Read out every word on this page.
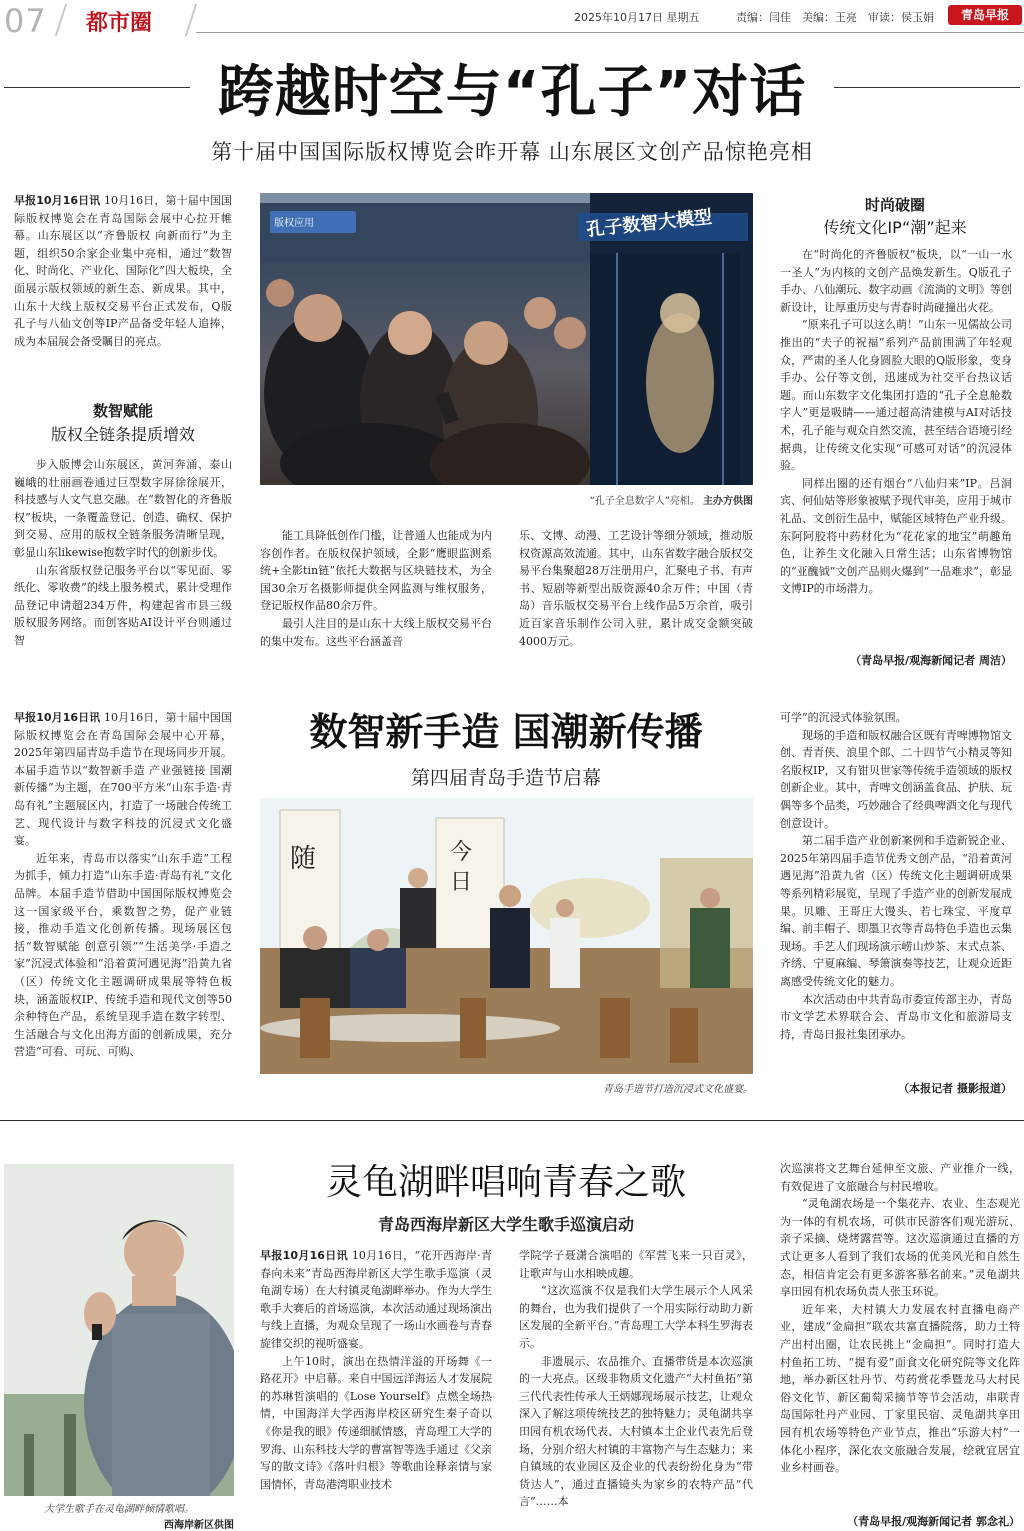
07 都市圈	2025年10月17日 星期五	责编：闫佳 美编：王亮 审读：侯玉娟	青岛早报
跨越时空与“孔子”对话
第十届中国国际版权博览会昨开幕 山东展区文创产品惊艳亮相

早报10月16日讯 10月16日，第十届中国国际版权博览会在青岛国际会展中心拉开帷幕。山东展区以“齐鲁版权 向新而行”为主题，组织50余家企业集中亮相，通过“数智化、时尚化、产业化、国际化”四大板块，全面展示版权领域的新生态、新成果。其中，山东十大线上版权交易平台正式发布，Q版孔子与八仙文创等IP产品备受年轻人追捧，成为本届展会备受瞩目的亮点。

数智赋能
版权全链条提质增效

步入版博会山东展区，黄河奔涌、泰山巍峨的壮丽画卷通过巨型数字屏徐徐展开，科技感与人文气息交融。在“数智化的齐鲁版权”板块，一条覆盖登记、创造、确权、保护到交易、应用的版权全链条服务清晰呈现，彰显山东likewise抱数字时代的创新步伐。

山东省版权登记服务平台以“零见面、零纸化、零收费”的线上服务模式，累计受理作品登记申请超234万件，构建起省市县三级版权服务网络。而创客贴AI设计平台则通过智

孔子数智大模型
版权应用
“孔子全息数字人”亮相。 主办方供图

能工具降低创作门槛，让普通人也能成为内容创作者。在版权保护领域，全影“鹰眼监测系统+全影tin链”依托大数据与区块链技术，为全国30余万名摄影师提供全网监测与维权服务，登记版权作品80余万件。

最引人注目的是山东十大线上版权交易平台的集中发布。这些平台涵盖音

乐、文博、动漫、工艺设计等细分领域，推动版权资源高效流通。其中，山东省数字融合版权交易平台集聚超28万注册用户，汇聚电子书、有声书、短剧等新型出版资源40余万件；中国（青岛）音乐版权交易平台上线作品5万余首，吸引近百家音乐制作公司入驻，累计成交金额突破4000万元。

时尚破圈
传统文化IP“潮”起来

在“时尚化的齐鲁版权”板块，以“一山一水一圣人”为内核的文创产品焕发新生。Q版孔子手办、八仙潮玩、数字动画《流淌的文明》等创新设计，让厚重历史与青春时尚碰撞出火花。

“原来孔子可以这么萌！”山东一见儒故公司推出的“夫子的祝福”系列产品前围满了年轻观众，严肃的圣人化身圆脸大眼的Q版形象，变身手办、公仔等文创，迅速成为社交平台热议话题。而山东数字文化集团打造的“孔子全息舱数字人”更是吸睛——通过超高清建模与AI对话技术，孔子能与观众自然交流，甚至结合语境引经据典，让传统文化实现“可感可对话”的沉浸体验。

同样出圈的还有烟台“八仙归来”IP。吕洞宾、何仙姑等形象被赋予现代审美，应用于城市礼品、文创衍生品中，赋能区域特色产业升级。东阿阿胶将中药材化为“花花家的地宝”萌趣角色，让养生文化融入日常生活；山东省博物馆的“亚醜钺”文创产品则火爆到“一品难求”，彰显文博IP的市场潜力。

（青岛早报/观海新闻记者 周洁）

早报10月16日讯 10月16日，第十届中国国际版权博览会在青岛国际会展中心开幕，2025年第四届青岛手造节在现场同步开展。本届手造节以“数智新手造 产业强链接 国潮新传播”为主题，在700平方米“山东手造·青岛有礼”主题展区内，打造了一场融合传统工艺、现代设计与数字科技的沉浸式文化盛宴。

近年来，青岛市以落实“山东手造”工程为抓手，倾力打造“山东手造·青岛有礼”文化品牌。本届手造节借助中国国际版权博览会这一国家级平台，乘数智之势，促产业链接，推动手造文化创新传播。现场展区包括“数智赋能 创意引领”“生活美学·手造之家”沉浸式体验和“沿着黄河遇见海”沿黄九省（区）传统文化主题调研成果展等特色板块，涵盖版权IP、传统手造和现代文创等50余种特色产品，系统呈现手造在数字转型、生活融合与文化出海方面的创新成果，充分营造“可看、可玩、可购、

数智新手造 国潮新传播
第四届青岛手造节启幕
随	今日
青岛手造节打造沉浸式文化盛宴。

可学”的沉浸式体验氛围。

现场的手造和版权融合区既有青啤博物馆文创、青青侠、浪里个郎、二十四节气小精灵等知名版权IP，又有钳贝世家等传统手造领域的版权创新企业。其中，青啤文创涵盖食品、护肤、玩偶等多个品类，巧妙融合了经典啤酒文化与现代创意设计。

第二届手造产业创新案例和手造新锐企业、2025年第四届手造节优秀文创产品，“沿着黄河遇见海”沿黄九省（区）传统文化主题调研成果等系列精彩展览，呈现了手造产业的创新发展成果。贝雕、王哥庄大馒头、若七珠宝、平度草编、前丰帽子、即墨卫衣等青岛特色手造也云集现场。手艺人们现场演示崂山炒茶、末式点茶、齐绣、宁夏麻编、琴箫演奏等技艺，让观众近距离感受传统文化的魅力。

本次活动由中共青岛市委宣传部主办，青岛市文学艺术界联合会、青岛市文化和旅游局支持，青岛日报社集团承办。

（本报记者 摄影报道）
大学生歌手在灵龟湖畔倾情歌唱。
西海岸新区供图
灵龟湖畔唱响青春之歌
青岛西海岸新区大学生歌手巡演启动

早报10月16日讯 10月16日，“花开西海岸·青春向未来”青岛西海岸新区大学生歌手巡演（灵龟湖专场）在大村镇灵龟湖畔举办。作为大学生歌手大赛后的首场巡演，本次活动通过现场演出与线上直播，为观众呈现了一场山水画卷与青春旋律交织的视听盛宴。

上午10时，演出在热情洋溢的开场舞《一路花开》中启幕。来自中国远洋海运人才发展院的苏琳哲演唱的《Lose Yourself》点燃全场热情，中国海洋大学西海岸校区研究生秦子奇以《你是我的眼》传递细腻情感，青岛理工大学的罗海、山东科技大学的曹富智等选手通过《父亲写的散文诗》《落叶归根》等歌曲诠释亲情与家国情怀，青岛港湾职业技术

学院学子聂潇合演唱的《军营飞来一只百灵》，让歌声与山水相映成趣。

“这次巡演不仅是我们大学生展示个人风采的舞台，也为我们提供了一个用实际行动助力新区发展的全新平台。”青岛理工大学本科生罗海表示。

非遗展示、农品推介、直播带货是本次巡演的一大亮点。区级非物质文化遗产“大村鱼拓”第三代代表性传承人王炳娜现场展示技艺，让观众深入了解这项传统技艺的独特魅力；灵龟湖共享田园有机农场代表、大村镇本土企业代表先后登场，分别介绍大村镇的丰富物产与生态魅力；来自镇域的农业园区及企业的代表纷纷化身为“带货达人”，通过直播镜头为家乡的农特产品“代言”……本

次巡演将文艺舞台延伸至文旅、产业推介一线，有效促进了文旅融合与村民增收。

“灵龟湖农场是一个集花卉、农业、生态观光为一体的有机农场，可供市民游客们观光游玩、亲子采摘、烧烤露营等。这次巡演通过直播的方式让更多人看到了我们农场的优美风光和自然生态，相信肯定会有更多游客慕名前来。”灵龟湖共享田园有机农场负责人张玉环说。

近年来，大村镇大力发展农村直播电商产业，建成“金扁担”联农共富直播院落，助力土特产出村出圈，让农民挑上“金扁担”。同时打造大村鱼拓工坊、“提有爱”面食文化研究院等文化阵地，举办新区牡丹节、芍药赏花季暨龙马大村民俗文化节、新区葡萄采摘节等节会活动，串联青岛国际牡丹产业园、丁家里民宿、灵龟湖共享田园有机农场等特色产业节点，推出“乐游大村”一体化小程序，深化农文旅融合发展，绘就宜居宜业乡村画卷。

（青岛早报/观海新闻记者 郭念礼）
